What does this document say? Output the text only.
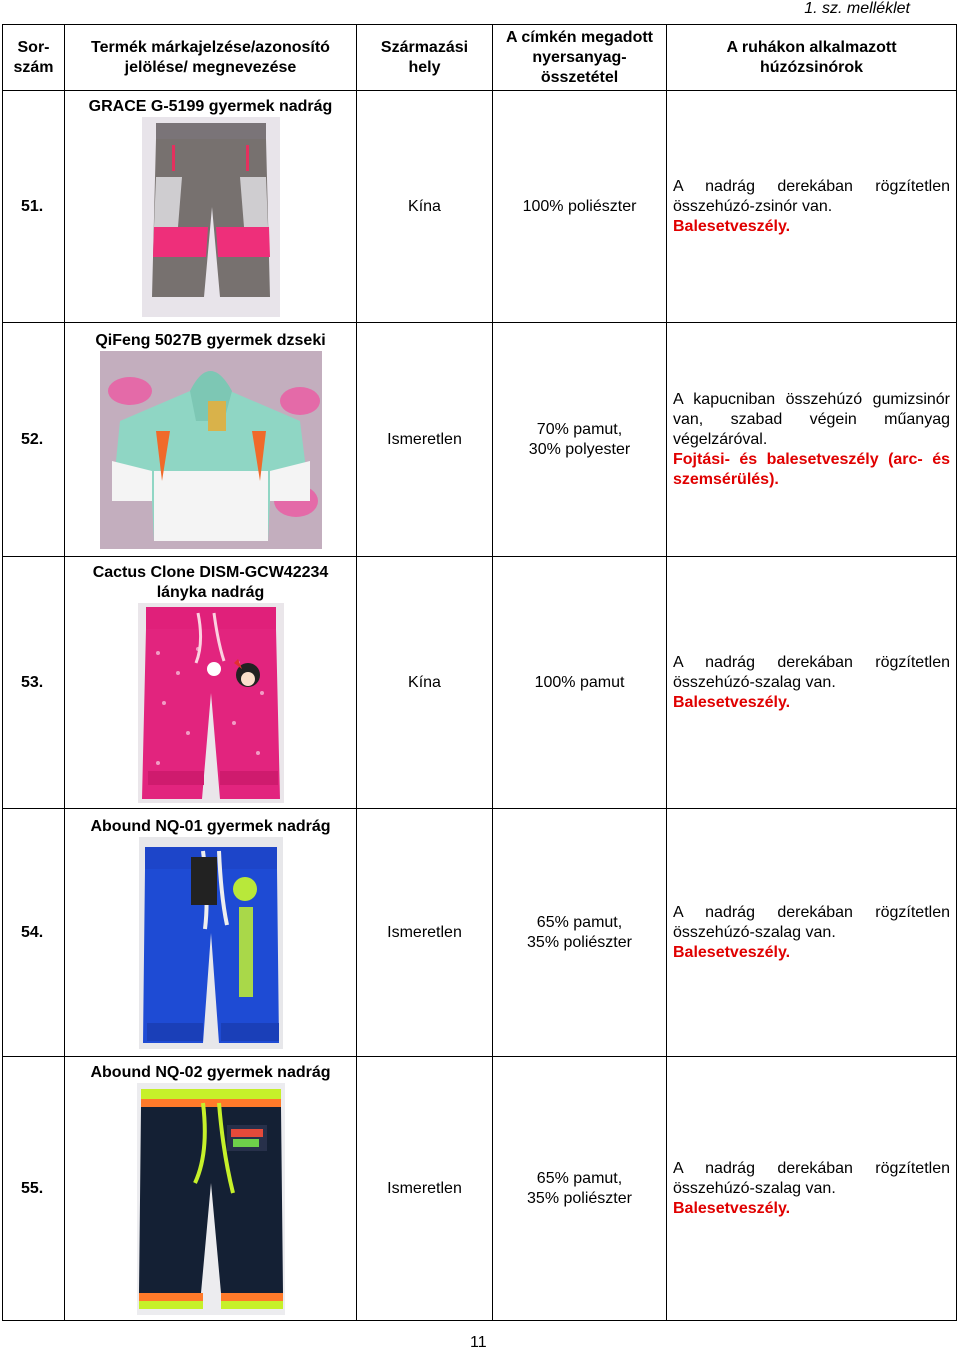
1. sz. melléklet
Sor-
szám	Termék márkajelzése/azonosító
jelölése/ megnevezése	Származási
hely	A címkén megadott
nyersanyag-
összetétel	A ruhákon alkalmazott
húzózsinórok
51.	GRACE G-5199 gyermek nadrág	Kína	100% poliészter	A nadrág derekában rögzítetlen összehúzó-zsinór van.
Balesetveszély.
52.	QiFeng 5027B gyermek dzseki	Ismeretlen	70% pamut,
30% polyester	A kapucniban összehúzó gumizsinór van, szabad végein műanyag végelzáróval.
Fojtási- és balesetveszély (arc- és szemsérülés).
53.	Cactus Clone DISM-GCW42234
lányka nadrág	Kína	100% pamut	A nadrág derekában rögzítetlen összehúzó-szalag van.
Balesetveszély.
54.	Abound NQ-01 gyermek nadrág	Ismeretlen	65% pamut,
35% poliészter	A nadrág derekában rögzítetlen összehúzó-szalag van.
Balesetveszély.
55.	Abound NQ-02 gyermek nadrág	Ismeretlen	65% pamut,
35% poliészter	A nadrág derekában rögzítetlen összehúzó-szalag van.
Balesetveszély.
11
